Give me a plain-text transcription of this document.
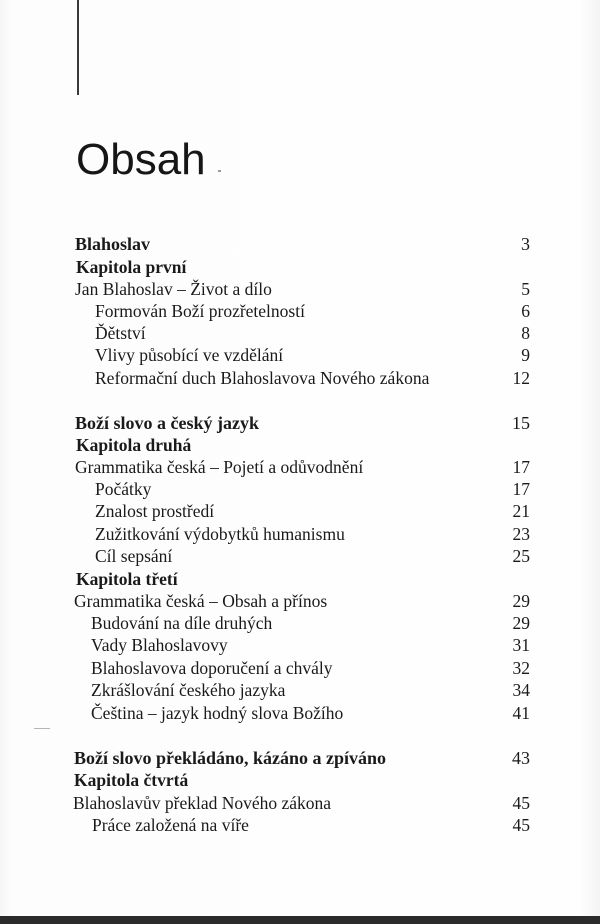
Obsah
Blahoslav	3
Kapitola první
Jan Blahoslav – Život a dílo	5
Formován Boží prozřetelností	6
Ďětství	8
Vlivy působící ve vzdělání	9
Reformační duch Blahoslavova Nového zákona	12
Boží slovo a český jazyk	15
Kapitola druhá
Grammatika česká – Pojetí a odůvodnění	17
Počátky	17
Znalost prostředí	21
Zužitkování výdobytků humanismu	23
Cíl sepsání	25
Kapitola třetí
Grammatika česká – Obsah a přínos	29
Budování na díle druhých	29
Vady Blahoslavovy	31
Blahoslavova doporučení a chvály	32
Zkrášlování českého jazyka	34
Čeština – jazyk hodný slova Božího	41
Boží slovo překládáno, kázáno a zpíváno	43
Kapitola čtvrtá
Blahoslavův překlad Nového zákona	45
Práce založená na víře	45
